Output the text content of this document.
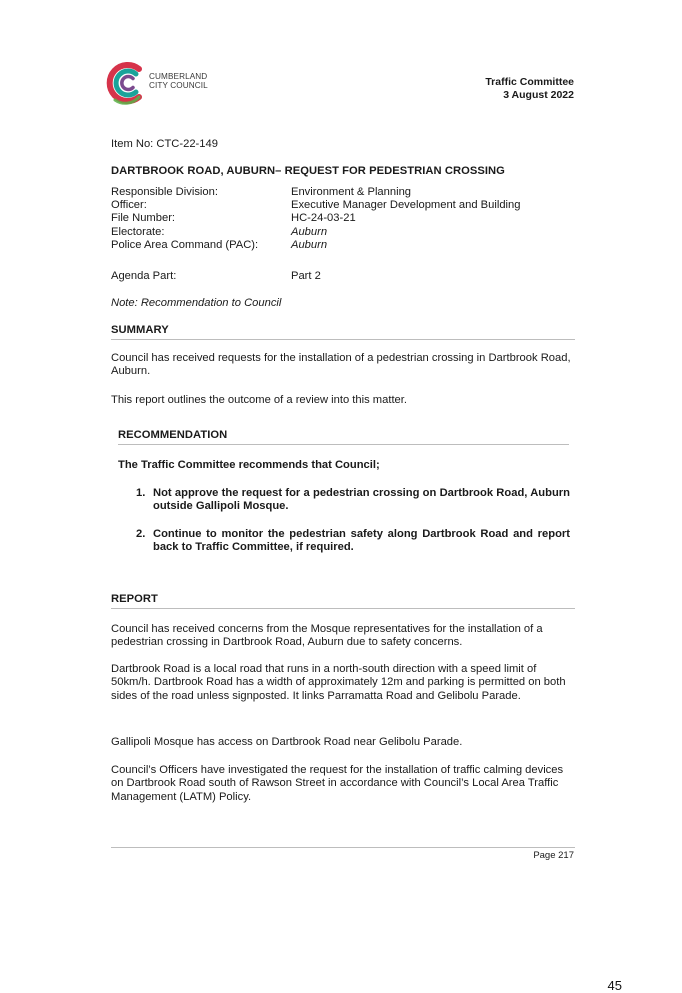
CUMBERLAND
CITY COUNCIL	Traffic Committee
3 August 2022
Item No: CTC-22-149
DARTBROOK ROAD, AUBURN– REQUEST FOR PEDESTRIAN CROSSING
Responsible Division:	Environment & Planning
Officer:	Executive Manager Development and Building
File Number:	HC-24-03-21
Electorate:	Auburn
Police Area Command (PAC):	Auburn
Agenda Part:	Part 2
Note: Recommendation to Council
SUMMARY
Council has received requests for the installation of a pedestrian crossing in Dartbrook Road, Auburn.
This report outlines the outcome of a review into this matter.
RECOMMENDATION
The Traffic Committee recommends that Council;
1. Not approve the request for a pedestrian crossing on Dartbrook Road, Auburn outside Gallipoli Mosque.
2. Continue to monitor the pedestrian safety along Dartbrook Road and report back to Traffic Committee, if required.
REPORT
Council has received concerns from the Mosque representatives for the installation of a pedestrian crossing in Dartbrook Road, Auburn due to safety concerns.
Dartbrook Road is a local road that runs in a north-south direction with a speed limit of 50km/h. Dartbrook Road has a width of approximately 12m and parking is permitted on both sides of the road unless signposted. It links Parramatta Road and Gelibolu Parade.
Gallipoli Mosque has access on Dartbrook Road near Gelibolu Parade.
Council’s Officers have investigated the request for the installation of traffic calming devices on Dartbrook Road south of Rawson Street in accordance with Council’s Local Area Traffic Management (LATM) Policy.
Page 217
45
